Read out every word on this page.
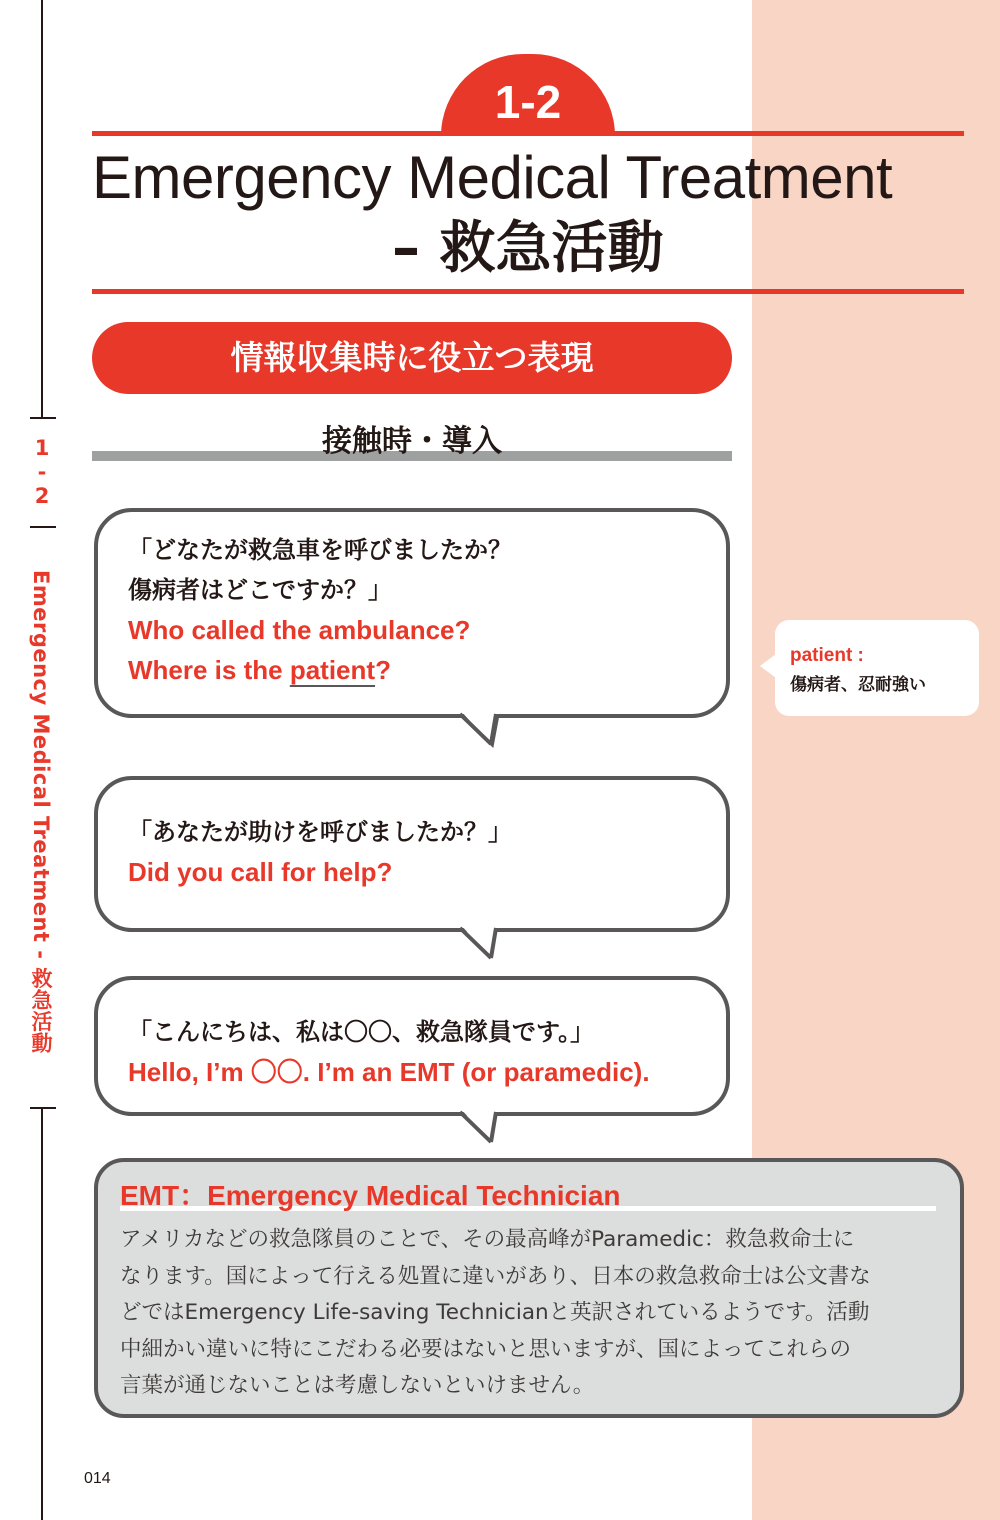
1 - 2
Emergency Medical Treatment - 救急活動
1-2
Emergency Medical Treatment
– 救急活動
情報収集時に役立つ表現
接触時・導入
「どなたが救急車を呼びましたか？
傷病者はどこですか？」
Who called the ambulance?
Where is the patient?	patient :
傷病者、忍耐強い
「あなたが助けを呼びましたか？」
Did you call for help?
「こんにちは、私は〇〇、救急隊員です。」
Hello, I’m 〇〇. I’m an EMT (or paramedic).
EMT：Emergency Medical Technician
アメリカなどの救急隊員のことで、その最高峰がParamedic：救急救命士に
なります。国によって行える処置に違いがあり、日本の救急救命士は公文書な
どではEmergency Life-saving Technicianと英訳されているようです。活動
中細かい違いに特にこだわる必要はないと思いますが、国によってこれらの
言葉が通じないことは考慮しないといけません。
014
